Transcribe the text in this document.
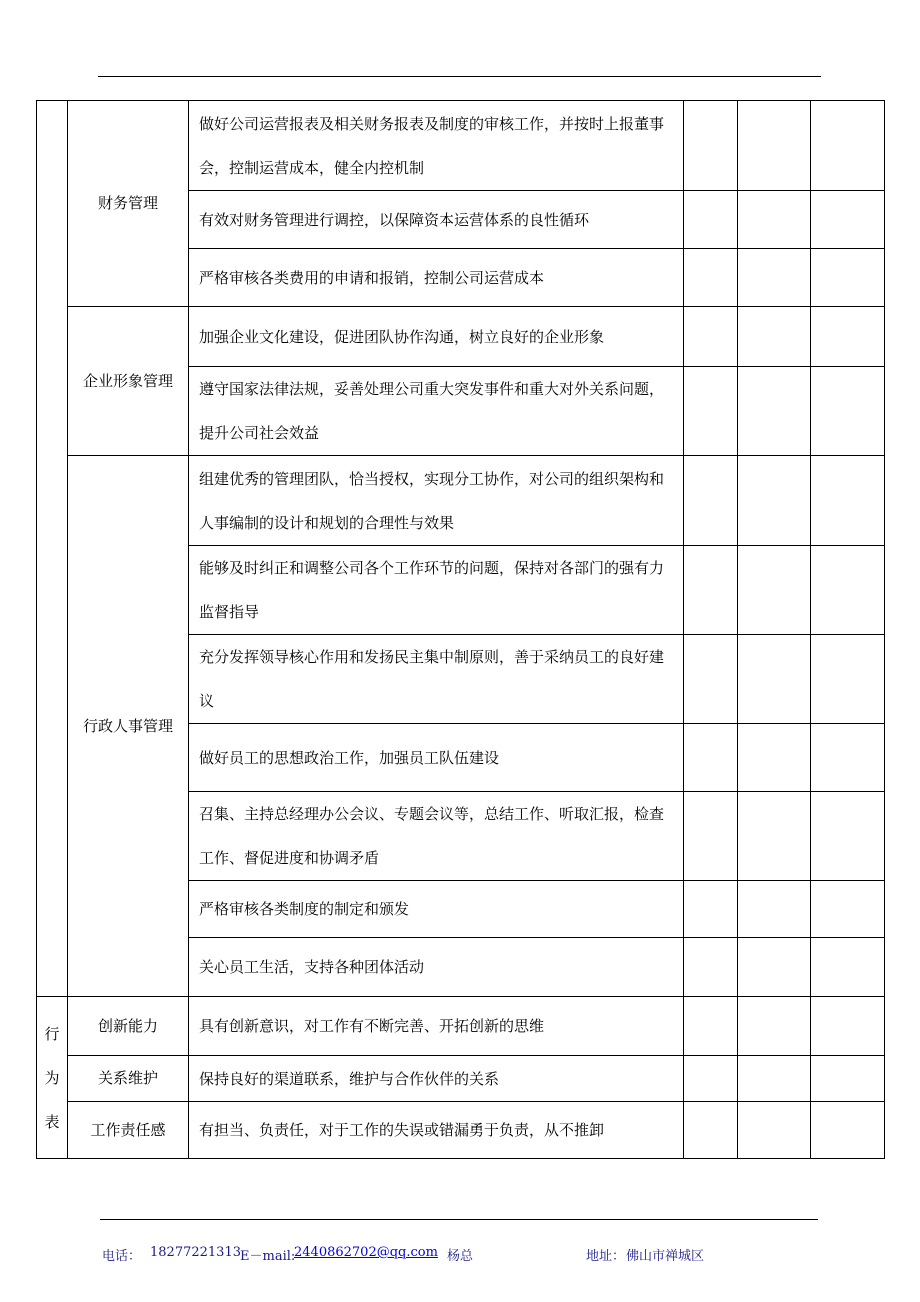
	财务管理	做好公司运营报表及相关财务报表及制度的审核工作，并按时上报董事会，控制运营成本，健全内控机制			

		有效对财务管理进行调控，以保障资本运营体系的良性循环			

		严格审核各类费用的申请和报销，控制公司运营成本			

	企业形象管理	加强企业文化建设，促进团队协作沟通，树立良好的企业形象			

		遵守国家法律法规，妥善处理公司重大突发事件和重大对外关系问题，提升公司社会效益			

	行政人事管理	组建优秀的管理团队，恰当授权，实现分工协作，对公司的组织架构和人事编制的设计和规划的合理性与效果			

		能够及时纠正和调整公司各个工作环节的问题，保持对各部门的强有力监督指导			

		充分发挥领导核心作用和发扬民主集中制原则，善于采纳员工的良好建议			

		做好员工的思想政治工作，加强员工队伍建设			

		召集、主持总经理办公会议、专题会议等，总结工作、听取汇报，检查工作、督促进度和协调矛盾			

		严格审核各类制度的制定和颁发			

		关心员工生活，支持各种团体活动			

行
为
表	创新能力	具有创新意识，对工作有不断完善、开拓创新的思维			

	关系维护	保持良好的渠道联系，维护与合作伙伴的关系			

	工作责任感	有担当、负责任，对于工作的失误或错漏勇于负责，从不推卸			

电话： 18277221313 E－mail:
2440862702@qq.com 杨总	地址： 佛山市禅城区
